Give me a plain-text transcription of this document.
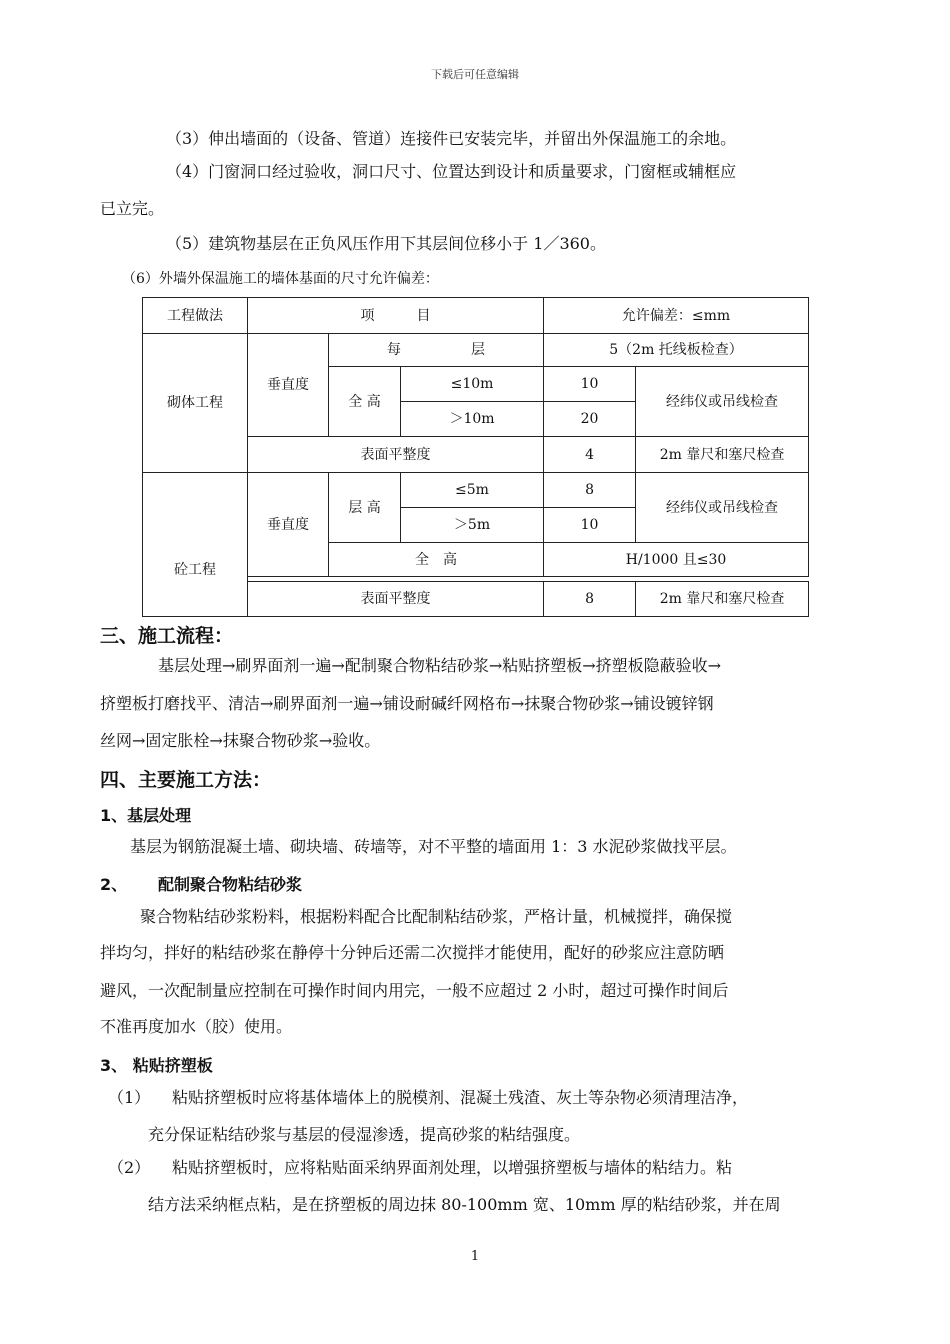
下载后可任意编辑
（3）伸出墙面的（设备、管道）连接件已安装完毕，并留出外保温施工的余地。
（4）门窗洞口经过验收，洞口尺寸、位置达到设计和质量要求，门窗框或辅框应
已立完。
（5）建筑物基层在正负风压作用下其层间位移小于 1／360。
（6）外墙外保温施工的墙体基面的尺寸允许偏差：
工程做法	项　　　目			允许偏差：≤mm	
砌体工程	垂直度	每　　　　　层		5（2m 托线板检查）	
		全 高	≤10m	10	经纬仪或吊线检查
			＞10m	20	
	表面平整度			4	2m 靠尺和塞尺检查
砼工程	垂直度	层 高	≤5m	8	经纬仪或吊线检查
			＞5m	10	
		全　高		H/1000 且≤30	

	表面平整度			8	2m 靠尺和塞尺检查
三、施工流程：
基层处理→刷界面剂一遍→配制聚合物粘结砂浆→粘贴挤塑板→挤塑板隐蔽验收→
挤塑板打磨找平、清洁→刷界面剂一遍→铺设耐碱纤网格布→抹聚合物砂浆→铺设镀锌钢
丝网→固定胀栓→抹聚合物砂浆→验收。
四、主要施工方法：
1、基层处理
基层为钢筋混凝土墙、砌块墙、砖墙等，对不平整的墙面用 1：3 水泥砂浆做找平层。
2、 配制聚合物粘结砂浆
聚合物粘结砂浆粉料，根据粉料配合比配制粘结砂浆，严格计量，机械搅拌，确保搅
拌均匀，拌好的粘结砂浆在静停十分钟后还需二次搅拌才能使用，配好的砂浆应注意防晒
避风，一次配制量应控制在可操作时间内用完，一般不应超过 2 小时，超过可操作时间后
不准再度加水（胶）使用。
3、 粘贴挤塑板
（1） 粘贴挤塑板时应将基体墙体上的脱模剂、混凝土残渣、灰土等杂物必须清理洁净，
充分保证粘结砂浆与基层的侵湿渗透，提高砂浆的粘结强度。
（2） 粘贴挤塑板时，应将粘贴面采纳界面剂处理，以增强挤塑板与墙体的粘结力。粘
结方法采纳框点粘，是在挤塑板的周边抹 80-100mm 宽、10mm 厚的粘结砂浆，并在周
1
